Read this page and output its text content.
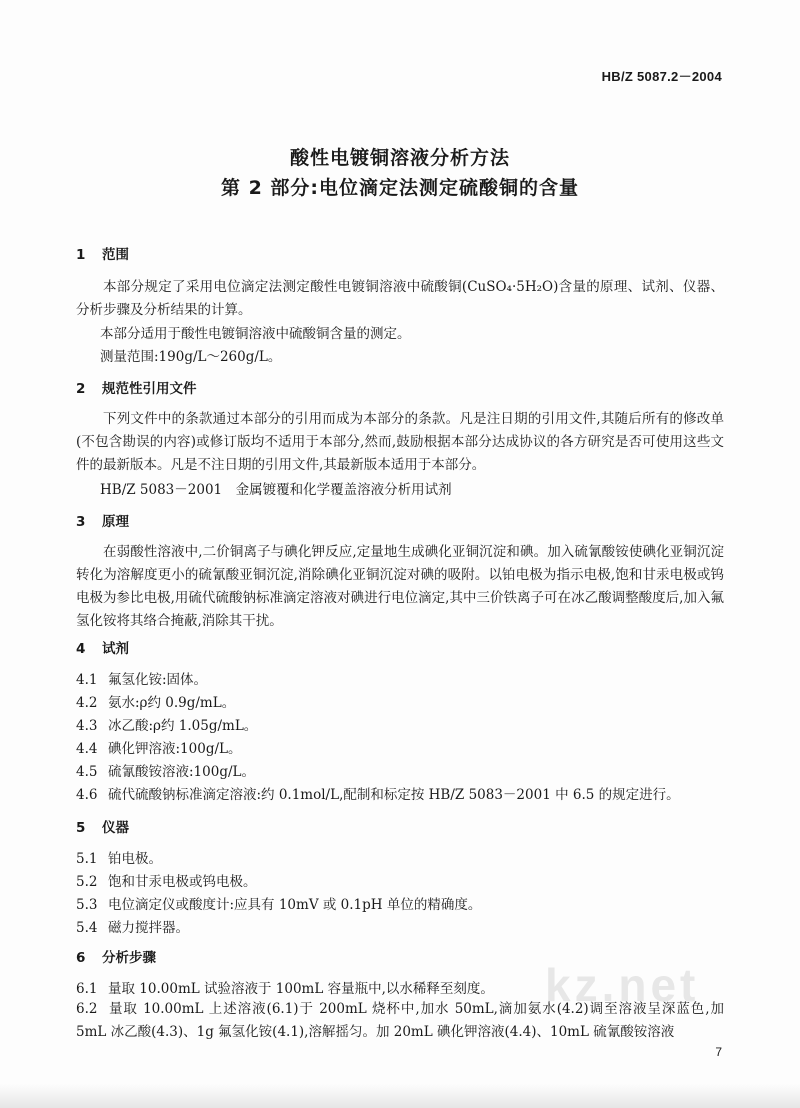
HB/Z 5087.2－2004
酸性电镀铜溶液分析方法
第 2 部分:电位滴定法测定硫酸铜的含量
1 范围
本部分规定了采用电位滴定法测定酸性电镀铜溶液中硫酸铜(CuSO₄·5H₂O)含量的原理、试剂、仪器、分析步骤及分析结果的计算。
本部分适用于酸性电镀铜溶液中硫酸铜含量的测定。
测量范围:190g/L～260g/L。
2 规范性引用文件
下列文件中的条款通过本部分的引用而成为本部分的条款。凡是注日期的引用文件,其随后所有的修改单(不包含勘误的内容)或修订版均不适用于本部分,然而,鼓励根据本部分达成协议的各方研究是否可使用这些文件的最新版本。凡是不注日期的引用文件,其最新版本适用于本部分。
HB/Z 5083－2001　金属镀覆和化学覆盖溶液分析用试剂
3 原理
在弱酸性溶液中,二价铜离子与碘化钾反应,定量地生成碘化亚铜沉淀和碘。加入硫氰酸铵使碘化亚铜沉淀转化为溶解度更小的硫氰酸亚铜沉淀,消除碘化亚铜沉淀对碘的吸附。以铂电极为指示电极,饱和甘汞电极或钨电极为参比电极,用硫代硫酸钠标准滴定溶液对碘进行电位滴定,其中三价铁离子可在冰乙酸调整酸度后,加入氟氢化铵将其络合掩蔽,消除其干扰。
4 试剂
4.1 氟氢化铵:固体。
4.2 氨水:ρ约 0.9g/mL。
4.3 冰乙酸:ρ约 1.05g/mL。
4.4 碘化钾溶液:100g/L。
4.5 硫氰酸铵溶液:100g/L。
4.6 硫代硫酸钠标准滴定溶液:约 0.1mol/L,配制和标定按 HB/Z 5083－2001 中 6.5 的规定进行。
5 仪器
5.1 铂电极。
5.2 饱和甘汞电极或钨电极。
5.3 电位滴定仪或酸度计:应具有 10mV 或 0.1pH 单位的精确度。
5.4 磁力搅拌器。
6 分析步骤
6.1 量取 10.00mL 试验溶液于 100mL 容量瓶中,以水稀释至刻度。
6.2 量取 10.00mL 上述溶液(6.1)于 200mL 烧杯中,加水 50mL,滴加氨水(4.2)调至溶液呈深蓝色,加 5mL 冰乙酸(4.3)、1g 氟氢化铵(4.1),溶解摇匀。加 20mL 碘化钾溶液(4.4)、10mL 硫氰酸铵溶液
kz.net
7
